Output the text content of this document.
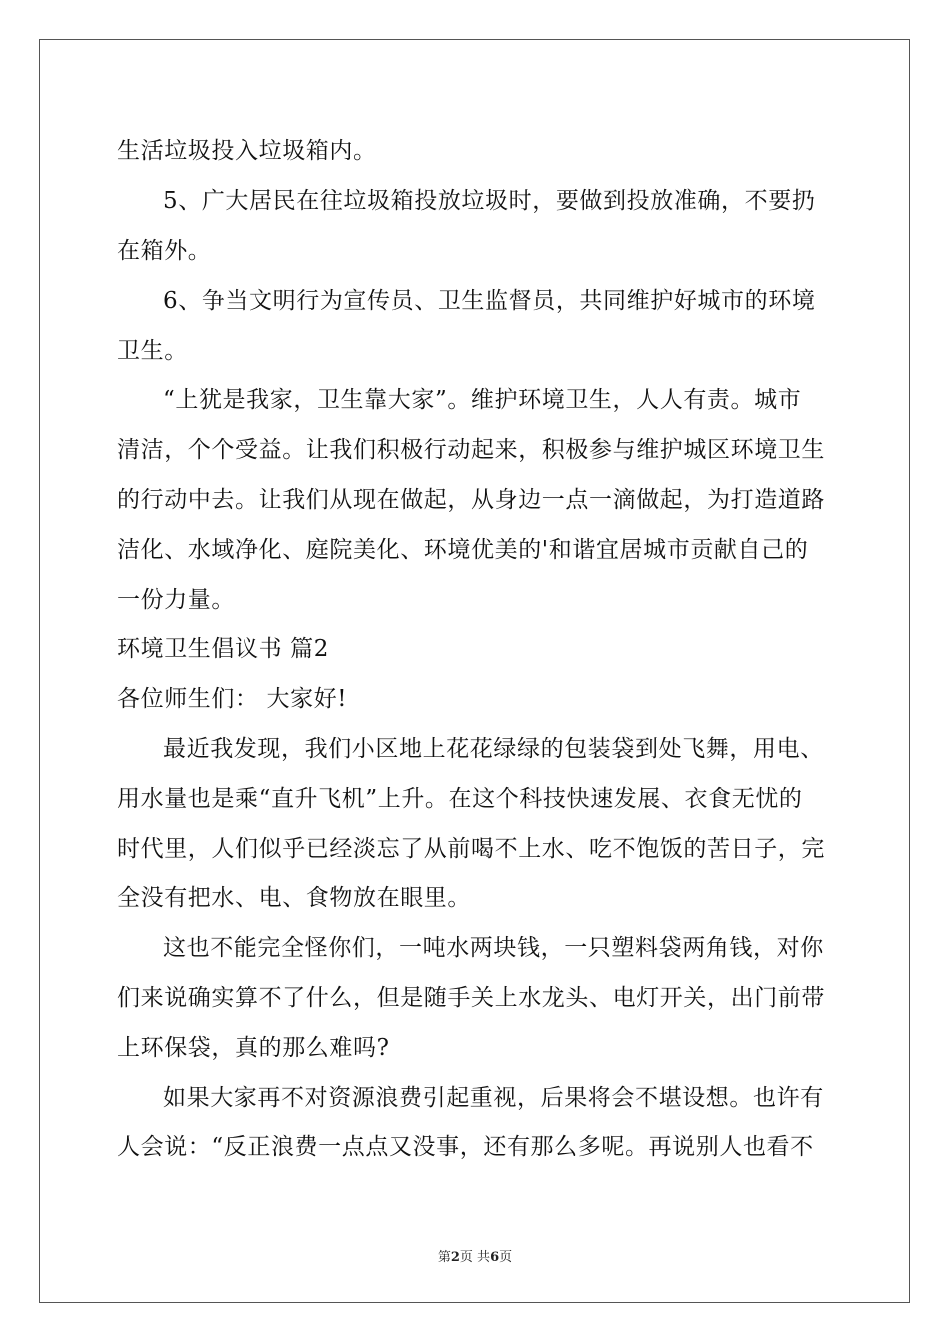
生活垃圾投入垃圾箱内。
5、广大居民在往垃圾箱投放垃圾时，要做到投放准确，不要扔
在箱外。
6、争当文明行为宣传员、卫生监督员，共同维护好城市的环境
卫生。
“上犹是我家，卫生靠大家”。维护环境卫生，人人有责。城市
清洁，个个受益。让我们积极行动起来，积极参与维护城区环境卫生
的行动中去。让我们从现在做起，从身边一点一滴做起，为打造道路
洁化、水域净化、庭院美化、环境优美的'和谐宜居城市贡献自己的
一份力量。
环境卫生倡议书 篇2
各位师生们： 大家好!
最近我发现，我们小区地上花花绿绿的包装袋到处飞舞，用电、
用水量也是乘“直升飞机”上升。在这个科技快速发展、衣食无忧的
时代里，人们似乎已经淡忘了从前喝不上水、吃不饱饭的苦日子，完
全没有把水、电、食物放在眼里。
这也不能完全怪你们，一吨水两块钱，一只塑料袋两角钱，对你
们来说确实算不了什么，但是随手关上水龙头、电灯开关，出门前带
上环保袋，真的那么难吗?
如果大家再不对资源浪费引起重视，后果将会不堪设想。也许有
人会说：“反正浪费一点点又没事，还有那么多呢。再说别人也看不
第2页 共6页
